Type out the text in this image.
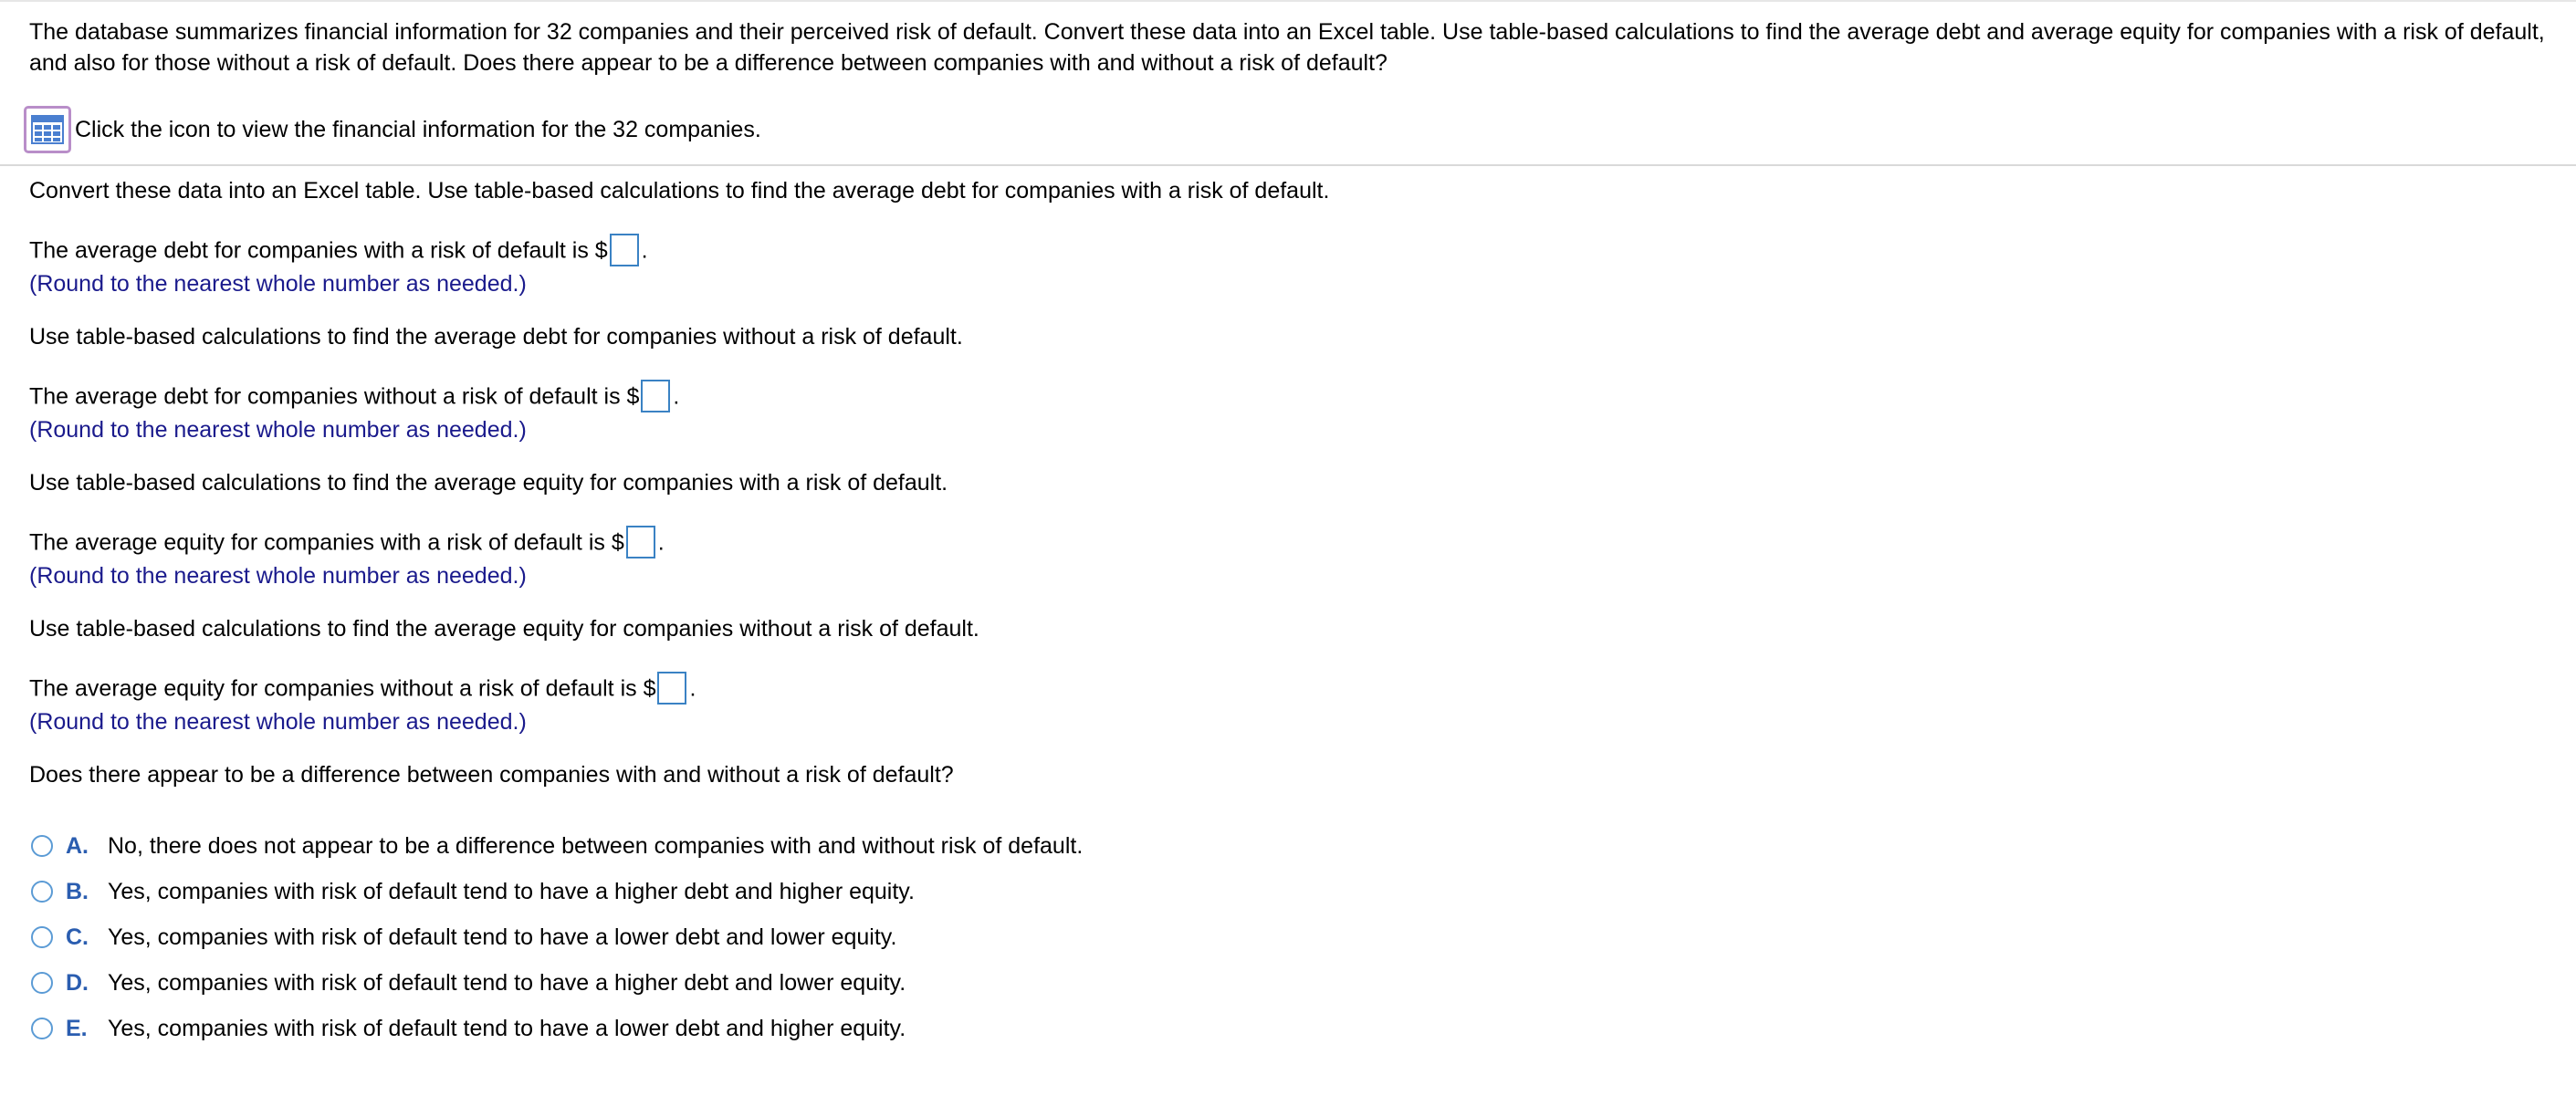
The database summarizes financial information for 32 companies and their perceived risk of default. Convert these data into an Excel table. Use table-based calculations to find the average debt and average equity for companies with a risk of default, and also for those without a risk of default. Does there appear to be a difference between companies with and without a risk of default?

Click the icon to view the financial information for the 32 companies.
Convert these data into an Excel table. Use table-based calculations to find the average debt for companies with a risk of default.
The average debt for companies with a risk of default is $ .
(Round to the nearest whole number as needed.)
Use table-based calculations to find the average debt for companies without a risk of default.
The average debt for companies without a risk of default is $ .
(Round to the nearest whole number as needed.)
Use table-based calculations to find the average equity for companies with a risk of default.
The average equity for companies with a risk of default is $ .
(Round to the nearest whole number as needed.)
Use table-based calculations to find the average equity for companies without a risk of default.
The average equity for companies without a risk of default is $ .
(Round to the nearest whole number as needed.)
Does there appear to be a difference between companies with and without a risk of default?
A. No, there does not appear to be a difference between companies with and without risk of default.
B. Yes, companies with risk of default tend to have a higher debt and higher equity.
C. Yes, companies with risk of default tend to have a lower debt and lower equity.
D. Yes, companies with risk of default tend to have a higher debt and lower equity.
E. Yes, companies with risk of default tend to have a lower debt and higher equity.
